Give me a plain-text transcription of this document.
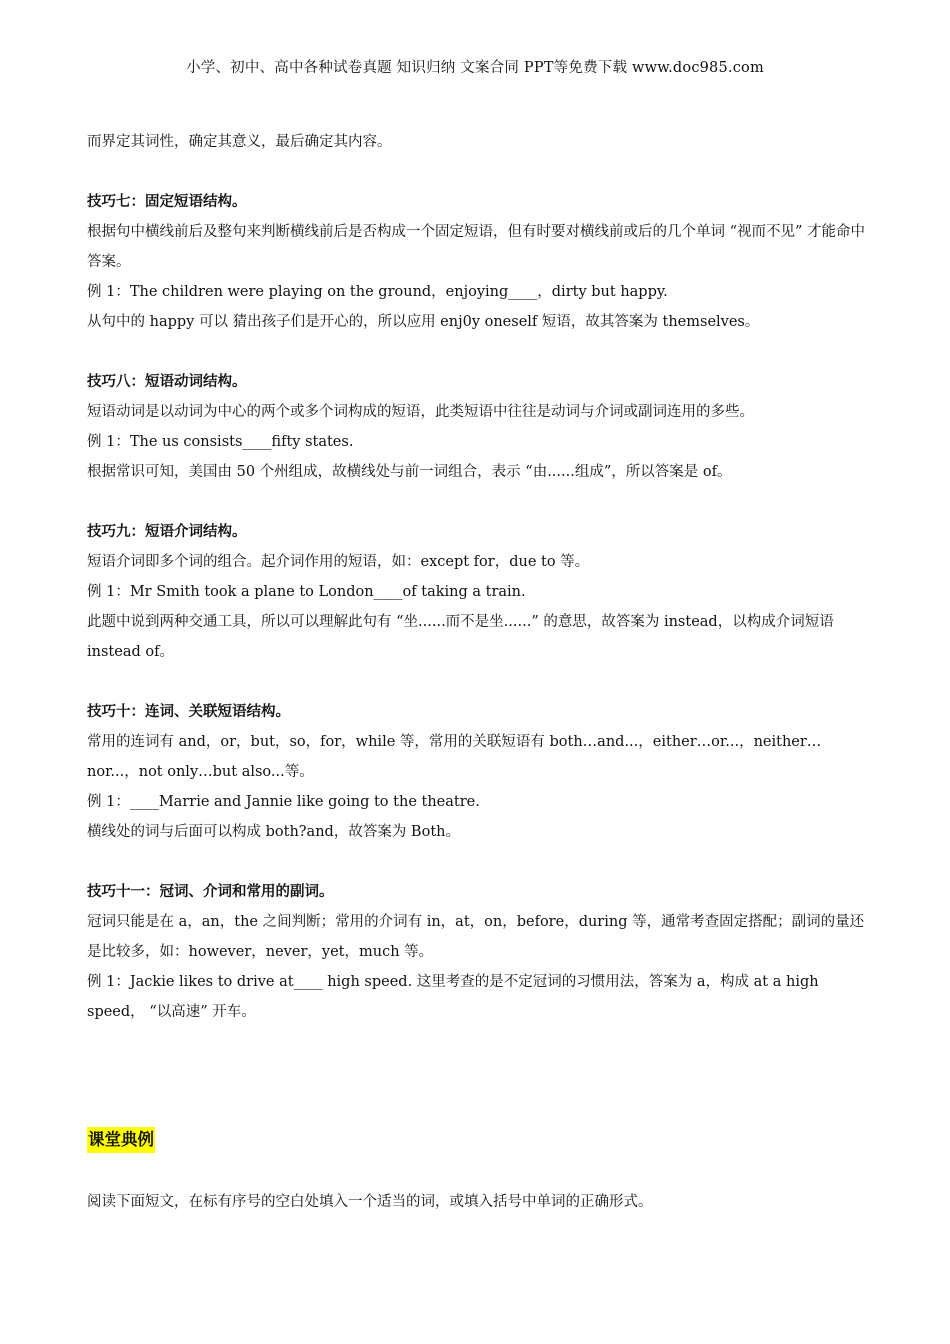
小学、初中、高中各种试卷真题 知识归纳 文案合同 PPT等免费下载 www.doc985.com

而界定其词性，确定其意义，最后确定其内容。

技巧七：固定短语结构。

根据句中横线前后及整句来判断横线前后是否构成一个固定短语，但有时要对横线前或后的几个单词 “视而不见” 才能命中答案。

例 1：The children were playing on the ground，enjoying____，dirty but happy.

从句中的 happy 可以 猜出孩子们是开心的，所以应用 enj0y oneself 短语，故其答案为 themselves。

技巧八：短语动词结构。

短语动词是以动词为中心的两个或多个词构成的短语，此类短语中往往是动词与介词或副词连用的多些。

例 1：The us consists____fifty states.

根据常识可知，美国由 50 个州组成，故横线处与前一词组合，表示 “由......组成”，所以答案是 of。

技巧九：短语介词结构。

短语介词即多个词的组合。起介词作用的短语，如：except for，due to 等。

例 1：Mr Smith took a plane to London____of taking a train.

此题中说到两种交通工具，所以可以理解此句有 “坐......而不是坐......” 的意思，故答案为 instead，以构成介词短语 instead of。

技巧十：连词、关联短语结构。

常用的连词有 and，or，but，so，for，while 等，常用的关联短语有 both…and...，either…or...，neither…nor...，not only…but also...等。

例 1：____Marrie and Jannie like going to the theatre.

横线处的词与后面可以构成 both?and，故答案为 Both。

技巧十一：冠词、介词和常用的副词。

冠词只能是在 a，an，the 之间判断；常用的介词有 in，at，on，before，during 等，通常考查固定搭配；副词的量还是比较多，如：however，never，yet，much 等。

例 1：Jackie likes to drive at____ high speed. 这里考查的是不定冠词的习惯用法，答案为 a，构成 at a high speed， “以高速” 开车。

课堂典例
阅读下面短文，在标有序号的空白处填入一个适当的词，或填入括号中单词的正确形式。
